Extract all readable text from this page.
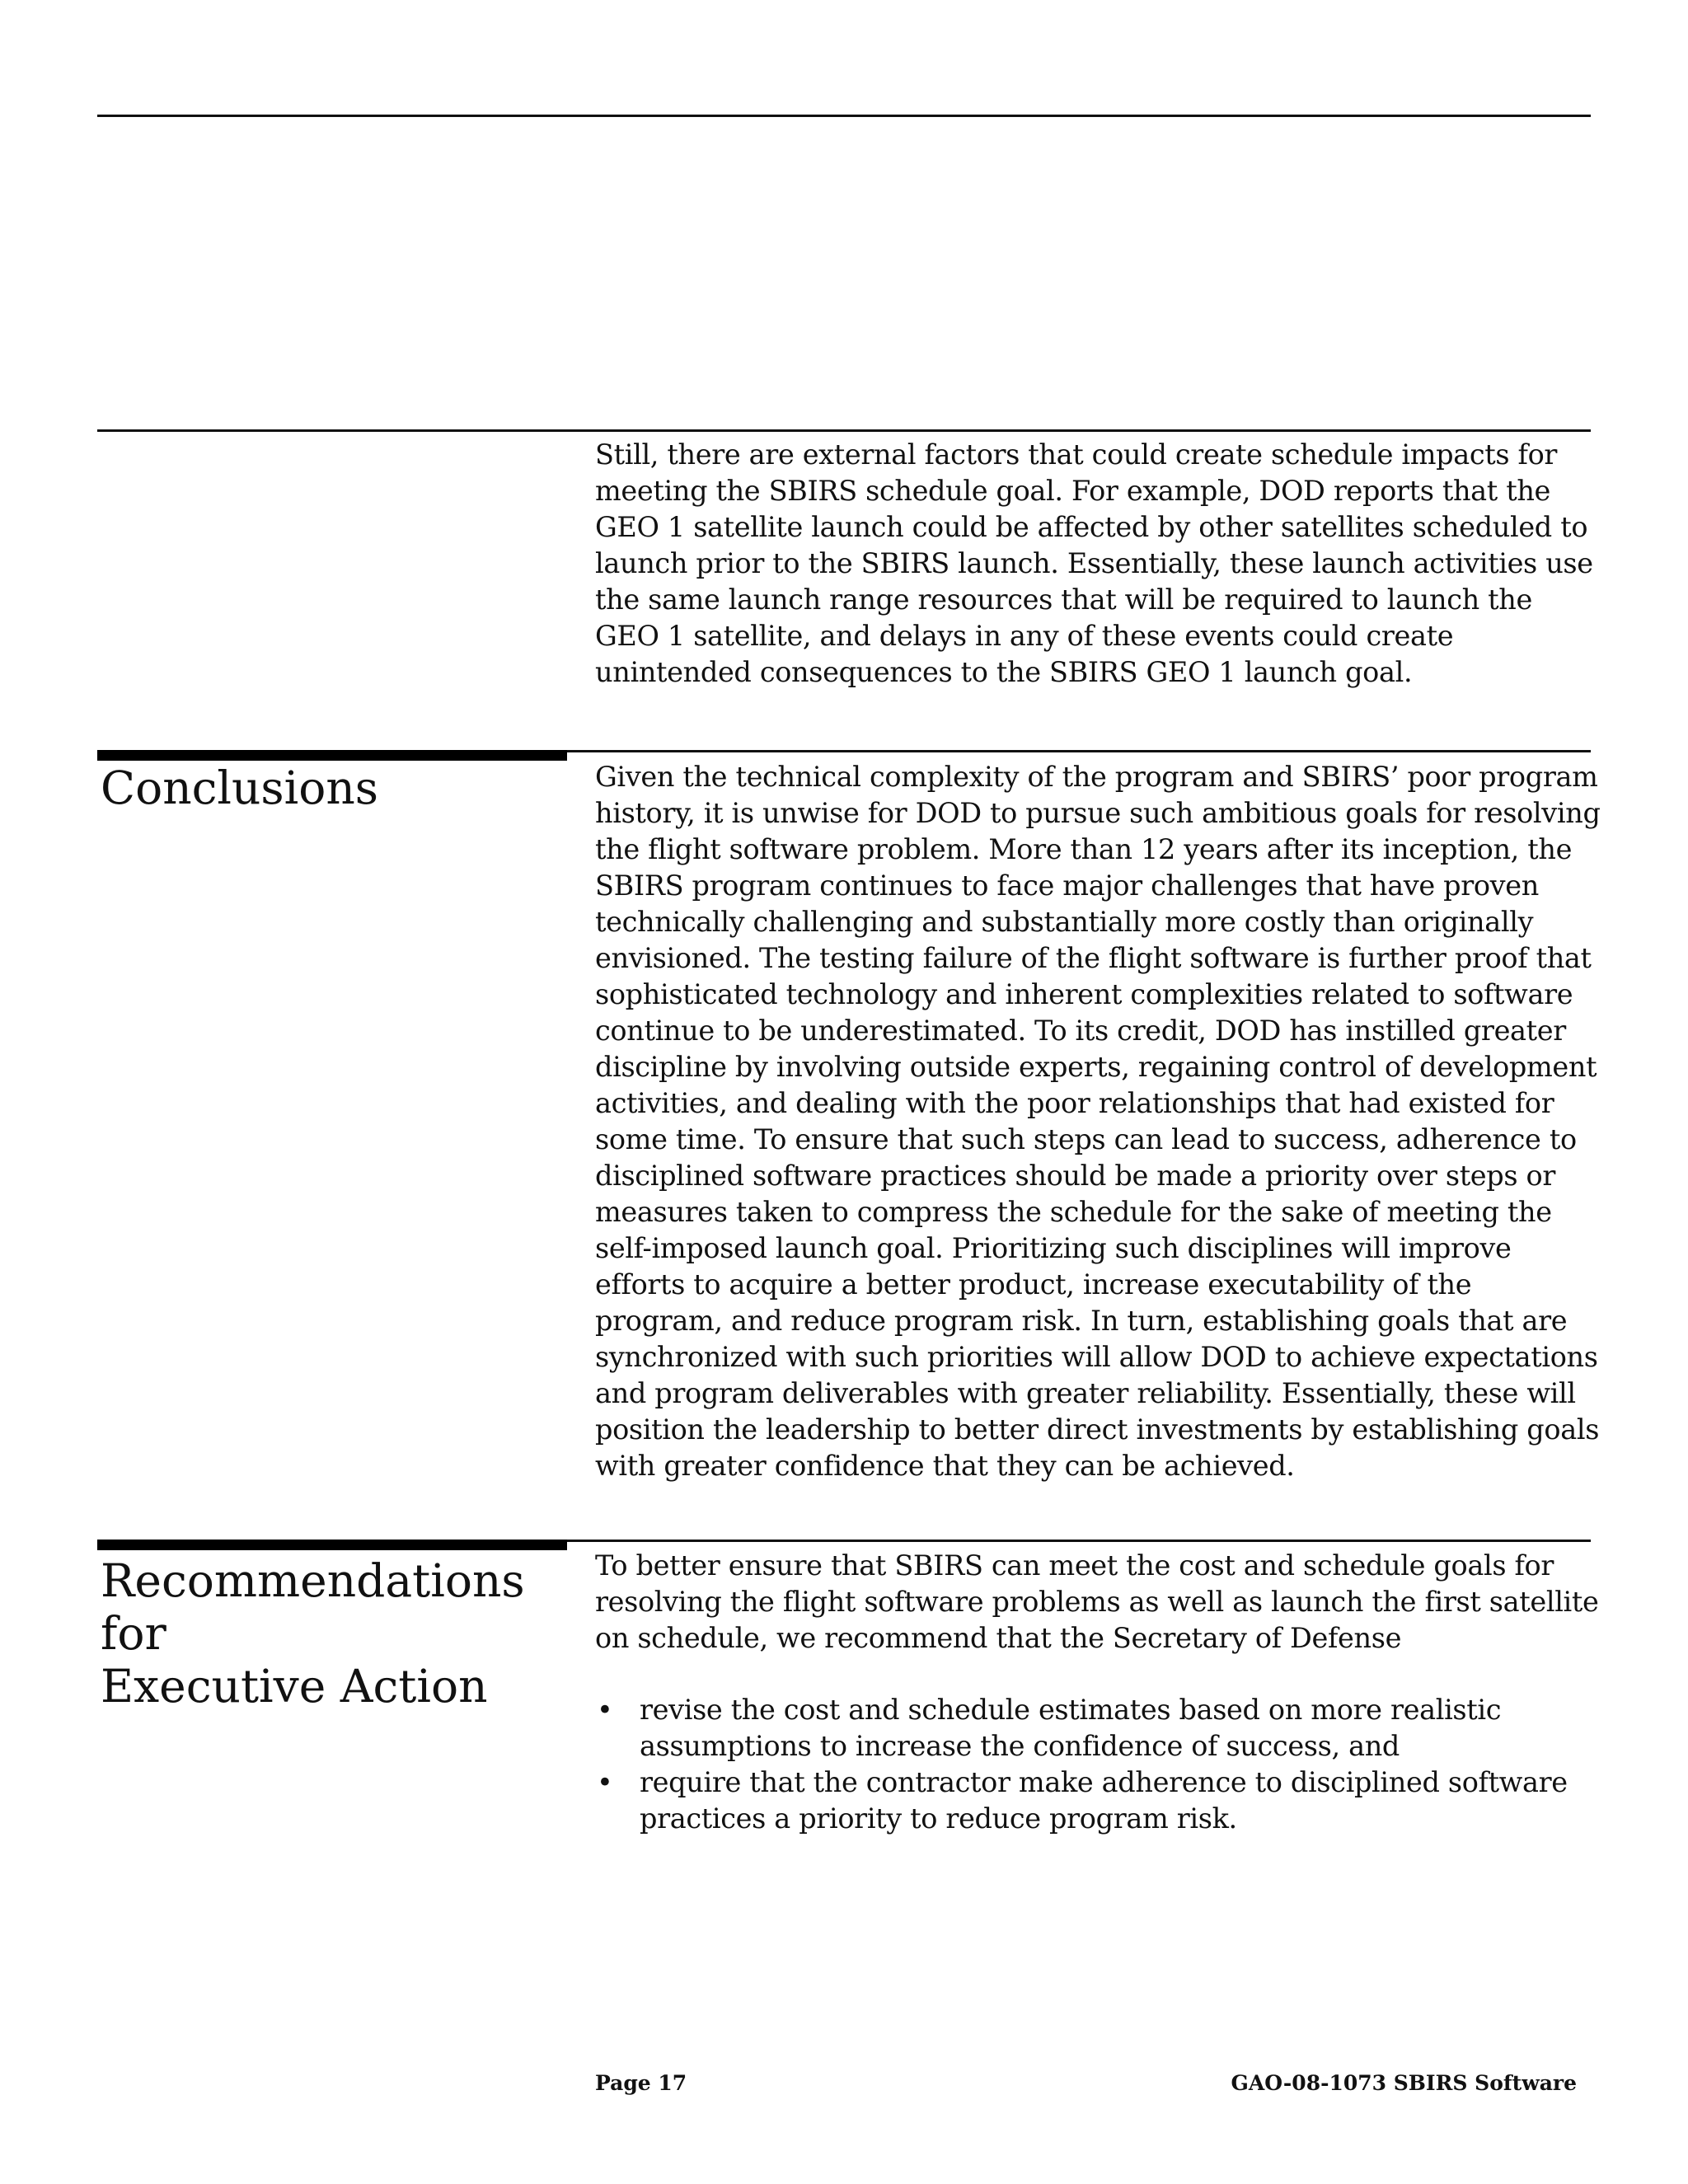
Still, there are external factors that could create schedule impacts for meeting the SBIRS schedule goal. For example, DOD reports that the GEO 1 satellite launch could be affected by other satellites scheduled to launch prior to the SBIRS launch. Essentially, these launch activities use the same launch range resources that will be required to launch the GEO 1 satellite, and delays in any of these events could create unintended consequences to the SBIRS GEO 1 launch goal.

Conclusions	Given the technical complexity of the program and SBIRS’ poor program history, it is unwise for DOD to pursue such ambitious goals for resolving the flight software problem. More than 12 years after its inception, the SBIRS program continues to face major challenges that have proven technically challenging and substantially more costly than originally envisioned. The testing failure of the flight software is further proof that sophisticated technology and inherent complexities related to software continue to be underestimated. To its credit, DOD has instilled greater discipline by involving outside experts, regaining control of development activities, and dealing with the poor relationships that had existed for some time. To ensure that such steps can lead to success, adherence to disciplined software practices should be made a priority over steps or measures taken to compress the schedule for the sake of meeting the self-imposed launch goal. Prioritizing such disciplines will improve efforts to acquire a better product, increase executability of the program, and reduce program risk. In turn, establishing goals that are synchronized with such priorities will allow DOD to achieve expectations and program deliverables with greater reliability. Essentially, these will position the leadership to better direct investments by establishing goals with greater confidence that they can be achieved.

Recommendations for
Executive Action

To better ensure that SBIRS can meet the cost and schedule goals for resolving the flight software problems as well as launch the first satellite on schedule, we recommend that the Secretary of Defense

• revise the cost and schedule estimates based on more realistic assumptions to increase the confidence of success, and
• require that the contractor make adherence to disciplined software practices a priority to reduce program risk.
Page 17	GAO-08-1073 SBIRS Software
